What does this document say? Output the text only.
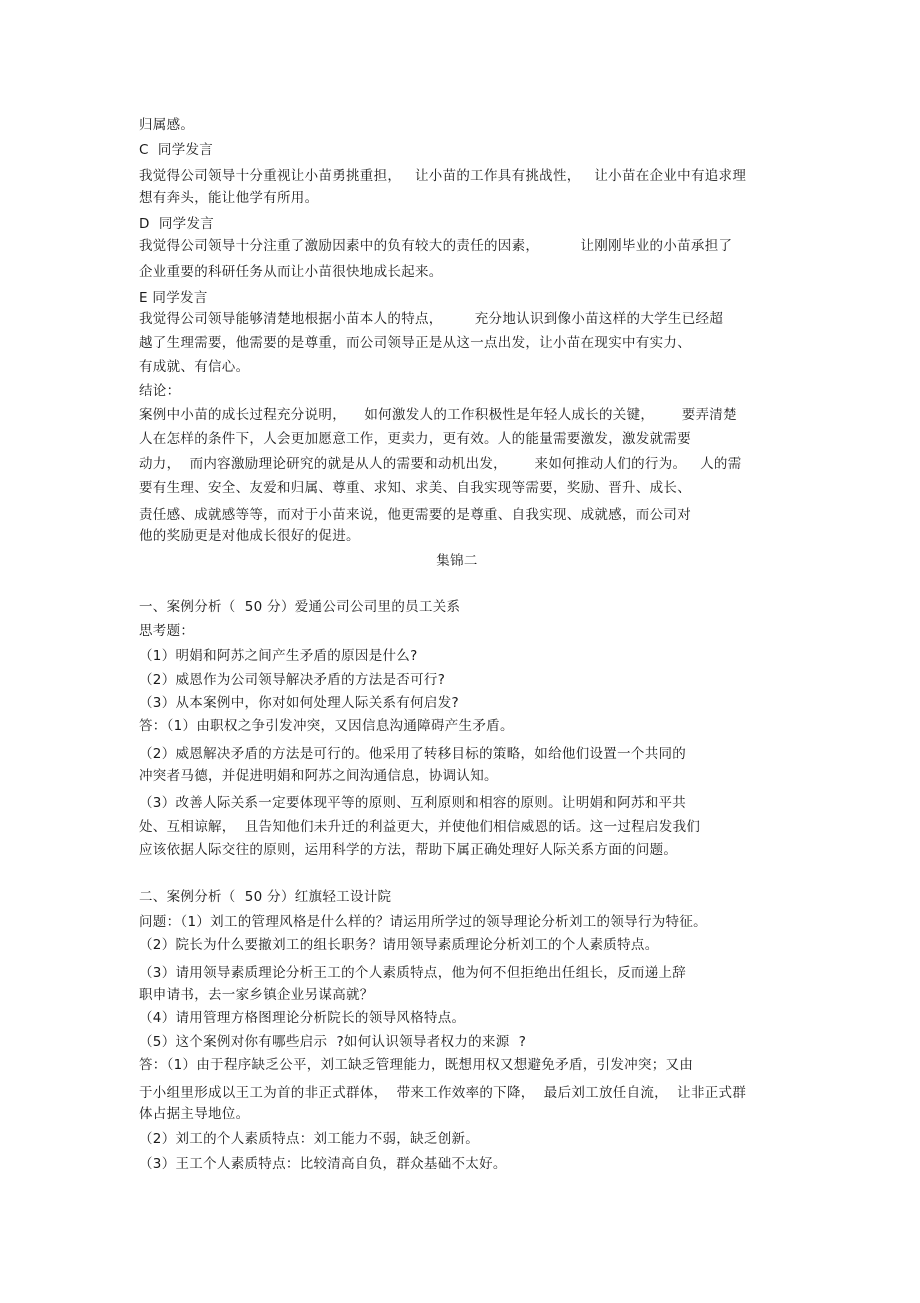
归属感。
C  同学发言
我觉得公司领导十分重视让小苗勇挑重担，   让小苗的工作具有挑战性，   让小苗在企业中有追求理
想有奔头，能让他学有所用。
D  同学发言
我觉得公司领导十分注重了激励因素中的负有较大的责任的因素，         让刚刚毕业的小苗承担了
企业重要的科研任务从而让小苗很快地成长起来。
E 同学发言
我觉得公司领导能够清楚地根据小苗本人的特点，       充分地认识到像小苗这样的大学生已经超
越了生理需要，他需要的是尊重，而公司领导正是从这一点出发，让小苗在现实中有实力、
有成就、有信心。
结论：
案例中小苗的成长过程充分说明，    如何激发人的工作积极性是年轻人成长的关键，      要弄清楚
人在怎样的条件下，人会更加愿意工作，更卖力，更有效。人的能量需要激发，激发就需要
动力，  而内容激励理论研究的就是从人的需要和动机出发，      来如何推动人们的行为。   人的需
要有生理、安全、友爱和归属、尊重、求知、求美、自我实现等需要，奖励、晋升、成长、
责任感、成就感等等，而对于小苗来说，他更需要的是尊重、自我实现、成就感，而公司对
他的奖励更是对他成长很好的促进。
集锦二
一、案例分析（  50 分）爱通公司公司里的员工关系
思考题：
（1）明娟和阿苏之间产生矛盾的原因是什么?
（2）威恩作为公司领导解决矛盾的方法是否可行?
（3）从本案例中，你对如何处理人际关系有何启发?
答：（1）由职权之争引发冲突，又因信息沟通障碍产生矛盾。
（2）威恩解决矛盾的方法是可行的。他采用了转移目标的策略，如给他们设置一个共同的
冲突者马德，并促进明娟和阿苏之间沟通信息，协调认知。
（3）改善人际关系一定要体现平等的原则、互利原则和相容的原则。让明娟和阿苏和平共
处、互相谅解，  且告知他们未升迁的利益更大，并使他们相信威恩的话。这一过程启发我们
应该依据人际交往的原则，运用科学的方法，帮助下属正确处理好人际关系方面的问题。
二、案例分析（  50 分）红旗轻工设计院
问题：（1）刘工的管理风格是什么样的？请运用所学过的领导理论分析刘工的领导行为特征。
（2）院长为什么要撤刘工的组长职务？请用领导素质理论分析刘工的个人素质特点。
（3）请用领导素质理论分析王工的个人素质特点，他为何不但拒绝出任组长，反而递上辞
职申请书，去一家乡镇企业另谋高就？
（4）请用管理方格图理论分析院长的领导风格特点。
（5）这个案例对你有哪些启示  ?如何认识领导者权力的来源  ?
答：（1）由于程序缺乏公平，刘工缺乏管理能力，既想用权又想避免矛盾，引发冲突；又由
于小组里形成以王工为首的非正式群体，  带来工作效率的下降，  最后刘工放任自流，  让非正式群
体占据主导地位。
（2）刘工的个人素质特点：刘工能力不弱，缺乏创新。
（3）王工个人素质特点：比较清高自负，群众基础不太好。
